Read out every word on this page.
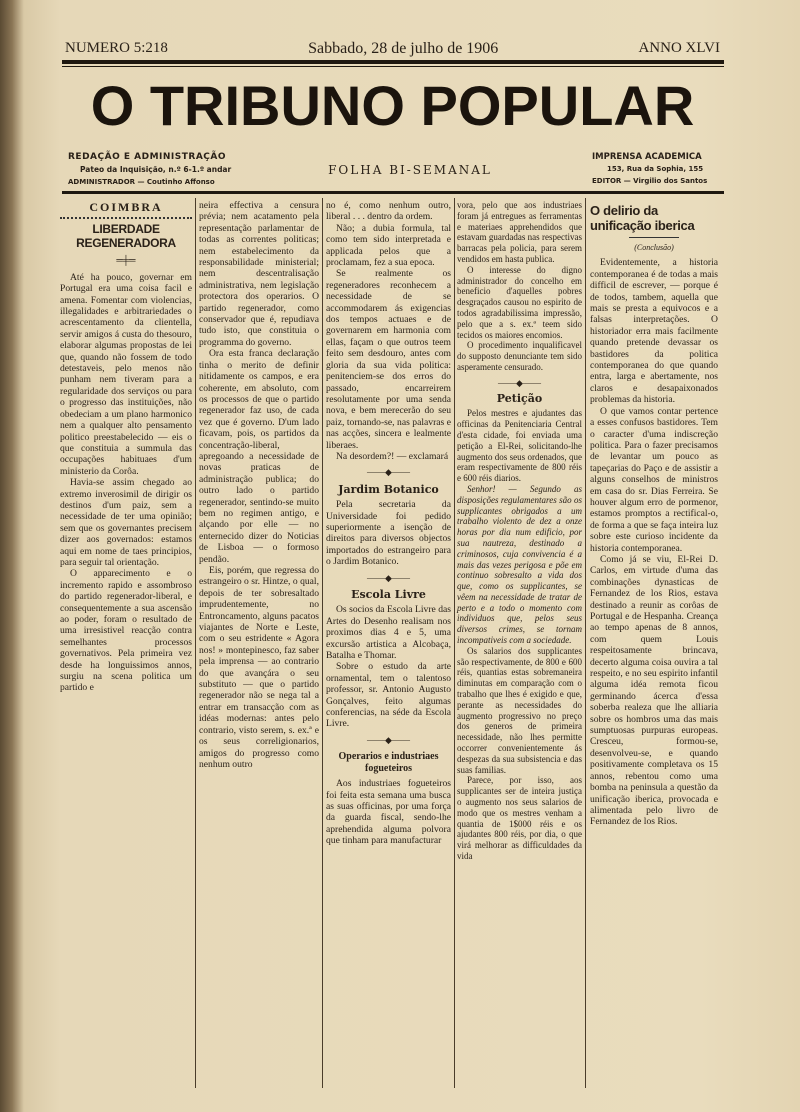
NUMERO 5:218	Sabbado, 28 de julho de 1906	ANNO XLVI
O TRIBUNO POPULAR
REDAÇÃO E ADMINISTRAÇÃO
Pateo da Inquisição, n.º 6-1.º andar
ADMINISTRADOR — Coutinho Affonso
FOLHA BI-SEMANAL
IMPRENSA ACADEMICA
153, Rua da Sophia, 155
EDITOR — Virgilio dos Santos
COIMBRA
LIBERDADE REGENERADORA
═╪═

Até ha pouco, governar em Portugal era uma coisa facil e amena. Fomentar com violencias, illegalidades e arbitrariedades o acrescentamento da clientella, servir amigos á custa do thesouro, elaborar algumas propostas de lei que, quando não fossem de todo detestaveis, pelo menos não punham nem tiveram para a regularidade dos serviços ou para o progresso das instituições, não obedeciam a um plano harmonico nem a qualquer alto pensamento politico preestabelecido — eis o que constituia a summula das occupações habituaes d'um ministerio da Corôa.

Havia-se assim chegado ao extremo inverosimil de dirigir os destinos d'um paiz, sem a necessidade de ter uma opinião; sem que os governantes precisem dizer aos governados: estamos aqui em nome de taes principios, para seguir tal orientação.

O apparecimento e o incremento rapido e assombroso do partido regenerador-liberal, e consequentemente a sua ascensão ao poder, foram o resultado de uma irresistivel reacção contra semelhantes processos governativos. Pela primeira vez desde ha longuissimos annos, surgiu na scena politica um partido e

neira effectiva a censura prévia; nem acatamento pela representação parlamentar de todas as correntes politicas; nem estabelecimento da responsabilidade ministerial; nem descentralisação administrativa, nem legislação protectora dos operarios. O partido regenerador, como conservador que é, repudiava tudo isto, que constituia o programma do governo.

Ora esta franca declaração tinha o merito de definir nitidamente os campos, e era coherente, em absoluto, com os processos de que o partido regenerador faz uso, de cada vez que é governo. D'um lado ficavam, pois, os partidos da concentração-liberal, apregoando a necessidade de novas praticas de administração publica; do outro lado o partido regenerador, sentindo-se muito bem no regimen antigo, e alçando por elle — no enternecido dizer do Noticias de Lisboa — o formoso pendão.

Eis, porém, que regressa do estrangeiro o sr. Hintze, o qual, depois de ter sobresaltado imprudentemente, no Entroncamento, alguns pacatos viajantes de Norte e Leste, com o seu estridente « Agora nos! » montepinesco, faz saber pela imprensa — ao contrario do que avançára o seu substituto — que o partido regenerador não se nega tal a entrar em transacção com as idéas modernas: antes pelo contrario, visto serem, s. ex.ª e os seus correligionarios, amigos do progresso como nenhum outro

no é, como nenhum outro, liberal . . . dentro da ordem.

Não; a dubia formula, tal como tem sido interpretada e applicada pelos que a proclamam, fez a sua epoca.

Se realmente os regeneradores reconhecem a necessidade de se accommodarem ás exigencias dos tempos actuaes e de governarem em harmonia com ellas, façam o que outros teem feito sem desdouro, antes com gloria da sua vida politica: penitenciem-se dos erros do passado, encarreirem resolutamente por uma senda nova, e bem merecerão do seu paiz, tornando-se, nas palavras e nas acções, sincera e lealmente liberaes.

Na desordem?! — exclamará

——◆——
Jardim Botanico

Pela secretaria da Universidade foi pedido superiormente a isenção de direitos para diversos objectos importados do estrangeiro para o Jardim Botanico.

——◆——
Escola Livre

Os socios da Escola Livre das Artes do Desenho realisam nos proximos dias 4 e 5, uma excursão artistica a Alcobaça, Batalha e Thomar.

Sobre o estudo da arte ornamental, tem o talentoso professor, sr. Antonio Augusto Gonçalves, feito algumas conferencias, na séde da Escola Livre.

——◆——
Operarios e industriaes fogueteiros

Aos industriaes fogueteiros foi feita esta semana uma busca as suas officinas, por uma força da guarda fiscal, sendo-lhe aprehendida alguma polvora que tinham para manufacturar

vora, pelo que aos industriaes foram já entregues as ferramentas e materiaes apprehendidos que estavam guardadas nas respectivas barracas pela policia, para serem vendidos em hasta publica.

O interesse do digno administrador do concelho em beneficio d'aquelles pobres desgraçados causou no espirito de todos agradabilissima impressão, pelo que a s. ex.ª teem sido tecidos os maiores encomios.

O procedimento inqualificavel do supposto denunciante tem sido asperamente censurado.

——◆——
Petição

Pelos mestres e ajudantes das officinas da Penitenciaria Central d'esta cidade, foi enviada uma petição a El-Rei, solicitando-lhe augmento dos seus ordenados, que eram respectivamente de 800 réis e 600 réis diarios.

Senhor! — Segundo as disposições regulamentares são os supplicantes obrigados a um trabalho violento de dez a onze horas por dia num edificio, por sua nautreza, destinado a criminosos, cuja convivencia é a mais das vezes perigosa e põe em continuo sobresalto a vida dos que, como os supplicantes, se vêem na necessidade de tratar de perto e a todo o momento com individuos que, pelos seus diversos crimes, se tornam incompativeis com a sociedade.

Os salarios dos supplicantes são respectivamente, de 800 e 600 réis, quantias estas sobremaneira diminutas em comparação com o trabalho que lhes é exigido e que, perante as necessidades do augmento progressivo no preço dos generos de primeira necessidade, não lhes permitte occorrer convenientemente ás despezas da sua subsistencia e das suas familias.

Parece, por isso, aos supplicantes ser de inteira justiça o augmento nos seus salarios de modo que os mestres venham a quantia de 1$000 réis e os ajudantes 800 réis, por dia, o que virá melhorar as difficuldades da vida

O delirio da unificação iberica
(Conclusão)

Evidentemente, a historia contemporanea é de todas a mais difficil de escrever, — porque é de todos, tambem, aquella que mais se presta a equivocos e a falsas interpretações. O historiador erra mais facilmente quando pretende devassar os bastidores da politica contemporanea do que quando entra, larga e abertamente, nos claros e desapaixonados problemas da historia.

O que vamos contar pertence a esses confusos bastidores. Tem o caracter d'uma indiscreção politica. Para o fazer precisamos de levantar um pouco as tapeçarias do Paço e de assistir a alguns conselhos de ministros em casa do sr. Dias Ferreira. Se houver algum erro de pormenor, estamos promptos a rectifical-o, de forma a que se faça inteira luz sobre este curioso incidente da historia contemporanea.

Como já se viu, El-Rei D. Carlos, em virtude d'uma das combinações dynasticas de Fernandez de los Rios, estava destinado a reunir as corôas de Portugal e de Hespanha. Creança ao tempo apenas de 8 annos, com quem Louis respeitosamente brincava, decerto alguma coisa ouvira a tal respeito, e no seu espirito infantil alguma idéa remota ficou germinando ácerca d'essa soberba realeza que lhe alliaria sobre os hombros uma das mais sumptuosas purpuras europeas. Cresceu, formou-se, desenvolveu-se, e quando positivamente completava os 15 annos, rebentou como uma bomba na peninsula a questão da unificação iberica, provocada e alimentada pelo livro de Fernandez de los Rios.
